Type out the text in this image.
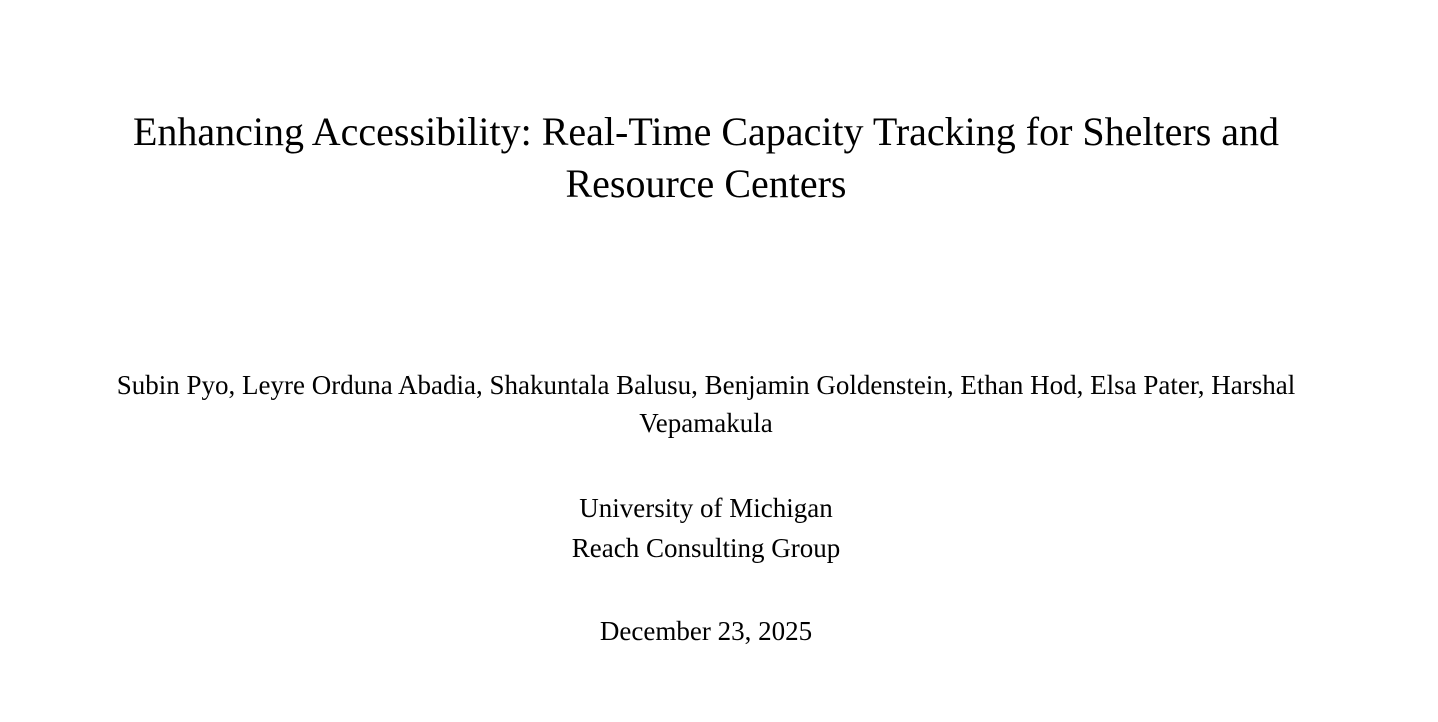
Enhancing Accessibility: Real-Time Capacity Tracking for Shelters and Resource Centers

Subin Pyo, Leyre Orduna Abadia, Shakuntala Balusu, Benjamin Goldenstein, Ethan Hod, Elsa Pater, Harshal Vepamakula

University of Michigan
Reach Consulting Group

December 23, 2025
